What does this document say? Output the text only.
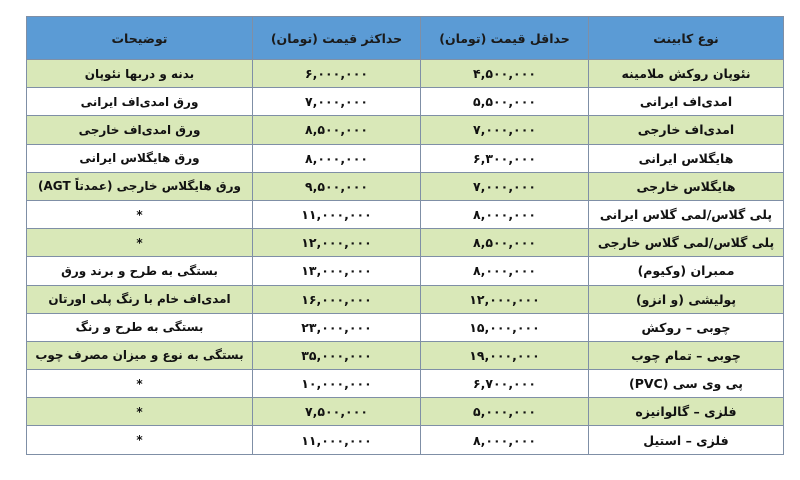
نوع کابینت	حداقل قیمت (تومان)	حداکثر قیمت (تومان)	توضیحات
نئوپان روکش ملامینه	۴,۵۰۰,۰۰۰	۶,۰۰۰,۰۰۰	بدنه و دربها نئوپان
امدی‌اف ایرانی	۵,۵۰۰,۰۰۰	۷,۰۰۰,۰۰۰	ورق امدی‌اف ایرانی
امدی‌اف خارجی	۷,۰۰۰,۰۰۰	۸,۵۰۰,۰۰۰	ورق امدی‌اف خارجی
هایگلاس ایرانی	۶,۳۰۰,۰۰۰	۸,۰۰۰,۰۰۰	ورق هایگلاس ایرانی
هایگلاس خارجی	۷,۰۰۰,۰۰۰	۹,۵۰۰,۰۰۰	ورق هایگلاس خارجی (عمدتاً AGT)
پلی گلاس/لمی گلاس ایرانی	۸,۰۰۰,۰۰۰	۱۱,۰۰۰,۰۰۰	*
پلی گلاس/لمی گلاس خارجی	۸,۵۰۰,۰۰۰	۱۲,۰۰۰,۰۰۰	*
ممبران (وکیوم)	۸,۰۰۰,۰۰۰	۱۳,۰۰۰,۰۰۰	بستگی به طرح و برند ورق
پولیشی (و انزو)	۱۲,۰۰۰,۰۰۰	۱۶,۰۰۰,۰۰۰	امدی‌اف خام با رنگ پلی اورتان
چوبی – روکش	۱۵,۰۰۰,۰۰۰	۲۳,۰۰۰,۰۰۰	بستگی به طرح و رنگ
چوبی – تمام چوب	۱۹,۰۰۰,۰۰۰	۳۵,۰۰۰,۰۰۰	بستگی به نوع و میزان مصرف چوب
پی وی سی (PVC)	۶,۷۰۰,۰۰۰	۱۰,۰۰۰,۰۰۰	*
فلزی – گالوانیزه	۵,۰۰۰,۰۰۰	۷,۵۰۰,۰۰۰	*
فلزی – استیل	۸,۰۰۰,۰۰۰	۱۱,۰۰۰,۰۰۰	*
